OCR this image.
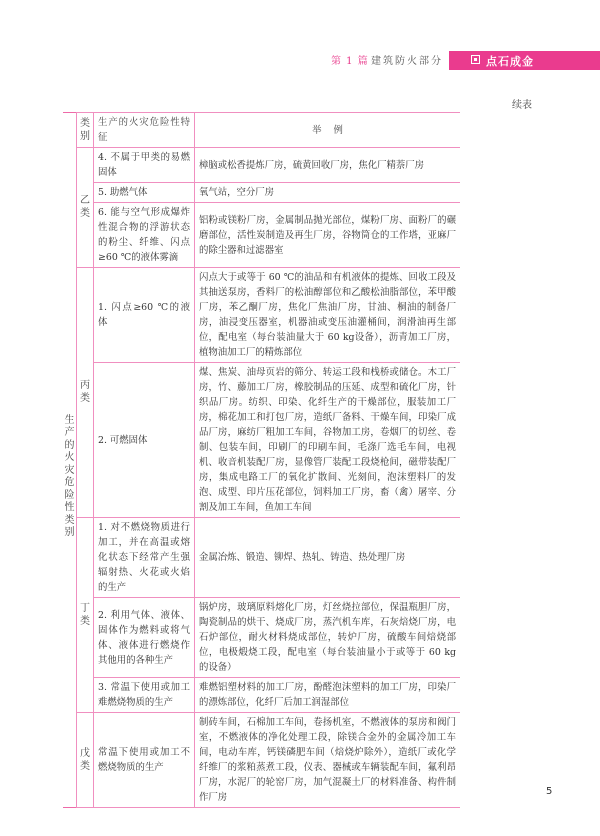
第 1 篇 建筑防火部分	点石成金
续表
	类别	生产的火灾危险性特征	举    例
生产的火灾危险性类别	乙类	4. 不属于甲类的易燃固体	樟脑或松香提炼厂房，硫黄回收厂房，焦化厂精萘厂房
		5. 助燃气体	氧气站，空分厂房
		6. 能与空气形成爆炸性混合物的浮游状态的粉尘、纤维、闪点≥60 ℃的液体雾滴	铝粉或镁粉厂房，金属制品抛光部位，煤粉厂房、面粉厂的碾磨部位，活性炭制造及再生厂房，谷物筒仓的工作塔，亚麻厂的除尘器和过滤器室
	丙类	1. 闪点≥60 ℃的液体	闪点大于或等于 60 ℃的油品和有机液体的提炼、回收工段及其抽送泵房，香料厂的松油醇部位和乙酸松油脂部位，苯甲酸厂房，苯乙酮厂房，焦化厂焦油厂房，甘油、桐油的制备厂房，油浸变压器室，机器油或变压油灌桶间，润滑油再生部位，配电室（每台装油量大于 60 kg设备），沥青加工厂房，植物油加工厂的精炼部位
		2. 可燃固体	煤、焦炭、油母页岩的筛分、转运工段和栈桥或储仓。木工厂房，竹、藤加工厂房，橡胶制品的压延、成型和硫化厂房，针织品厂房。纺织、印染、化纤生产的干燥部位，服装加工厂房，棉花加工和打包厂房，造纸厂备料、干燥车间，印染厂成品厂房，麻纺厂粗加工车间，谷物加工房，卷烟厂的切丝、卷制、包装车间，印刷厂的印刷车间，毛涤厂选毛车间，电视机、收音机装配厂房，显像管厂装配工段烧枪间，磁带装配厂房，集成电路工厂的氧化扩散间、光刻间，泡沫塑料厂的发泡、成型、印片压花部位，饲料加工厂房，畜（禽）屠宰、分割及加工车间，鱼加工车间
	丁类	1. 对不燃烧物质进行加工，并在高温或熔化状态下经常产生强辐射热、火花或火焰的生产	金属冶炼、锻造、铆焊、热轧、铸造、热处理厂房
		2. 利用气体、液体、固体作为燃料或将气体、液体进行燃烧作其他用的各种生产	锅炉房，玻璃原料熔化厂房，灯丝烧拉部位，保温瓶胆厂房，陶瓷制品的烘干、烧成厂房，蒸汽机车库，石灰焙烧厂房，电石炉部位，耐火材料烧成部位，转炉厂房，硫酸车间焙烧部位，电极煅烧工段，配电室（每台装油量小于或等于 60 kg 的设备）
		3. 常温下使用或加工难燃烧物质的生产	难燃铝塑材料的加工厂房，酚醛泡沫塑料的加工厂房，印染厂的漂炼部位，化纤厂后加工润湿部位
	戊类	常温下使用或加工不燃烧物质的生产	制砖车间，石棉加工车间，卷扬机室，不燃液体的泵房和阀门室，不燃液体的净化处理工段，除镁合金外的金属冷加工车间，电动车库，钙镁磷肥车间（焙烧炉除外），造纸厂或化学纤维厂的浆粕蒸煮工段，仪表、器械或车辆装配车间，氟利昂厂房，水泥厂的轮窑厂房，加气混凝土厂的材料准备、构件制作厂房
5
